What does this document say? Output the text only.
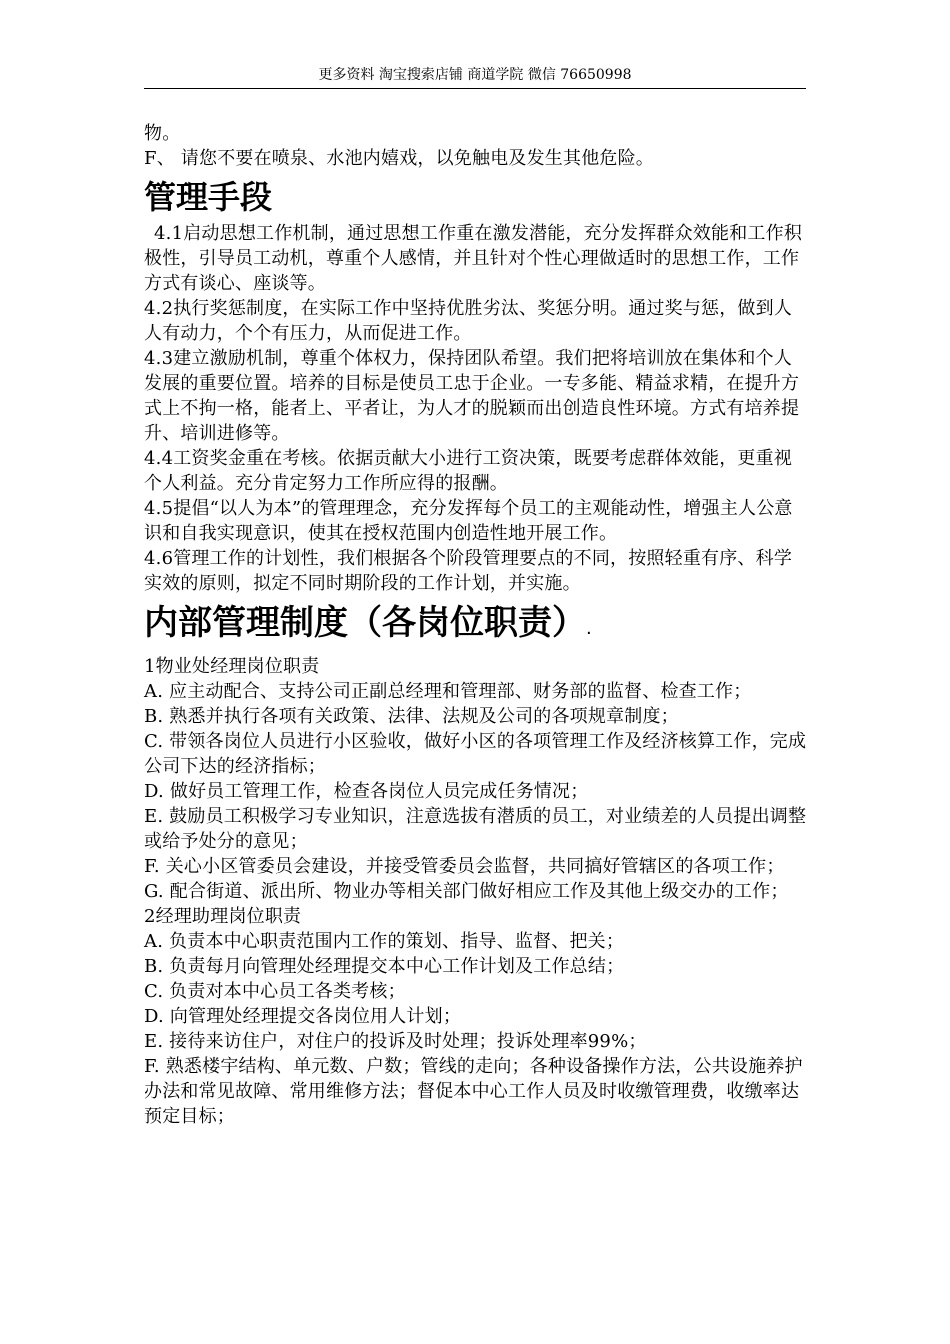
更多资料 淘宝搜索店铺 商道学院 微信 76650998

物。

F、 请您不要在喷泉、水池内嬉戏，以免触电及发生其他危险。

管理手段

4.1启动思想工作机制，通过思想工作重在激发潜能，充分发挥群众效能和工作积极性，引导员工动机，尊重个人感情，并且针对个性心理做适时的思想工作，工作方式有谈心、座谈等。

4.2执行奖惩制度，在实际工作中坚持优胜劣汰、奖惩分明。通过奖与惩，做到人人有动力，个个有压力，从而促进工作。

4.3建立激励机制，尊重个体权力，保持团队希望。我们把将培训放在集体和个人发展的重要位置。培养的目标是使员工忠于企业。一专多能、精益求精，在提升方式上不拘一格，能者上、平者让，为人才的脱颖而出创造良性环境。方式有培养提升、培训进修等。

4.4工资奖金重在考核。依据贡献大小进行工资决策，既要考虑群体效能，更重视个人利益。充分肯定努力工作所应得的报酬。

4.5提倡“以人为本”的管理理念，充分发挥每个员工的主观能动性，增强主人公意识和自我实现意识，使其在授权范围内创造性地开展工作。

4.6管理工作的计划性，我们根据各个阶段管理要点的不同，按照轻重有序、科学实效的原则，拟定不同时期阶段的工作计划，并实施。

内部管理制度（各岗位职责）.

1物业处经理岗位职责

A. 应主动配合、支持公司正副总经理和管理部、财务部的监督、检查工作；

B. 熟悉并执行各项有关政策、法律、法规及公司的各项规章制度；

C. 带领各岗位人员进行小区验收，做好小区的各项管理工作及经济核算工作，完成公司下达的经济指标；

D. 做好员工管理工作，检查各岗位人员完成任务情况；

E. 鼓励员工积极学习专业知识，注意选拔有潜质的员工，对业绩差的人员提出调整或给予处分的意见；

F. 关心小区管委员会建设，并接受管委员会监督，共同搞好管辖区的各项工作；

G. 配合街道、派出所、物业办等相关部门做好相应工作及其他上级交办的工作；

2经理助理岗位职责

A. 负责本中心职责范围内工作的策划、指导、监督、把关；

B. 负责每月向管理处经理提交本中心工作计划及工作总结；

C. 负责对本中心员工各类考核；

D. 向管理处经理提交各岗位用人计划；

E. 接待来访住户，对住户的投诉及时处理；投诉处理率99%；

F. 熟悉楼宇结构、单元数、户数；管线的走向；各种设备操作方法，公共设施养护办法和常见故障、常用维修方法；督促本中心工作人员及时收缴管理费，收缴率达预定目标；
